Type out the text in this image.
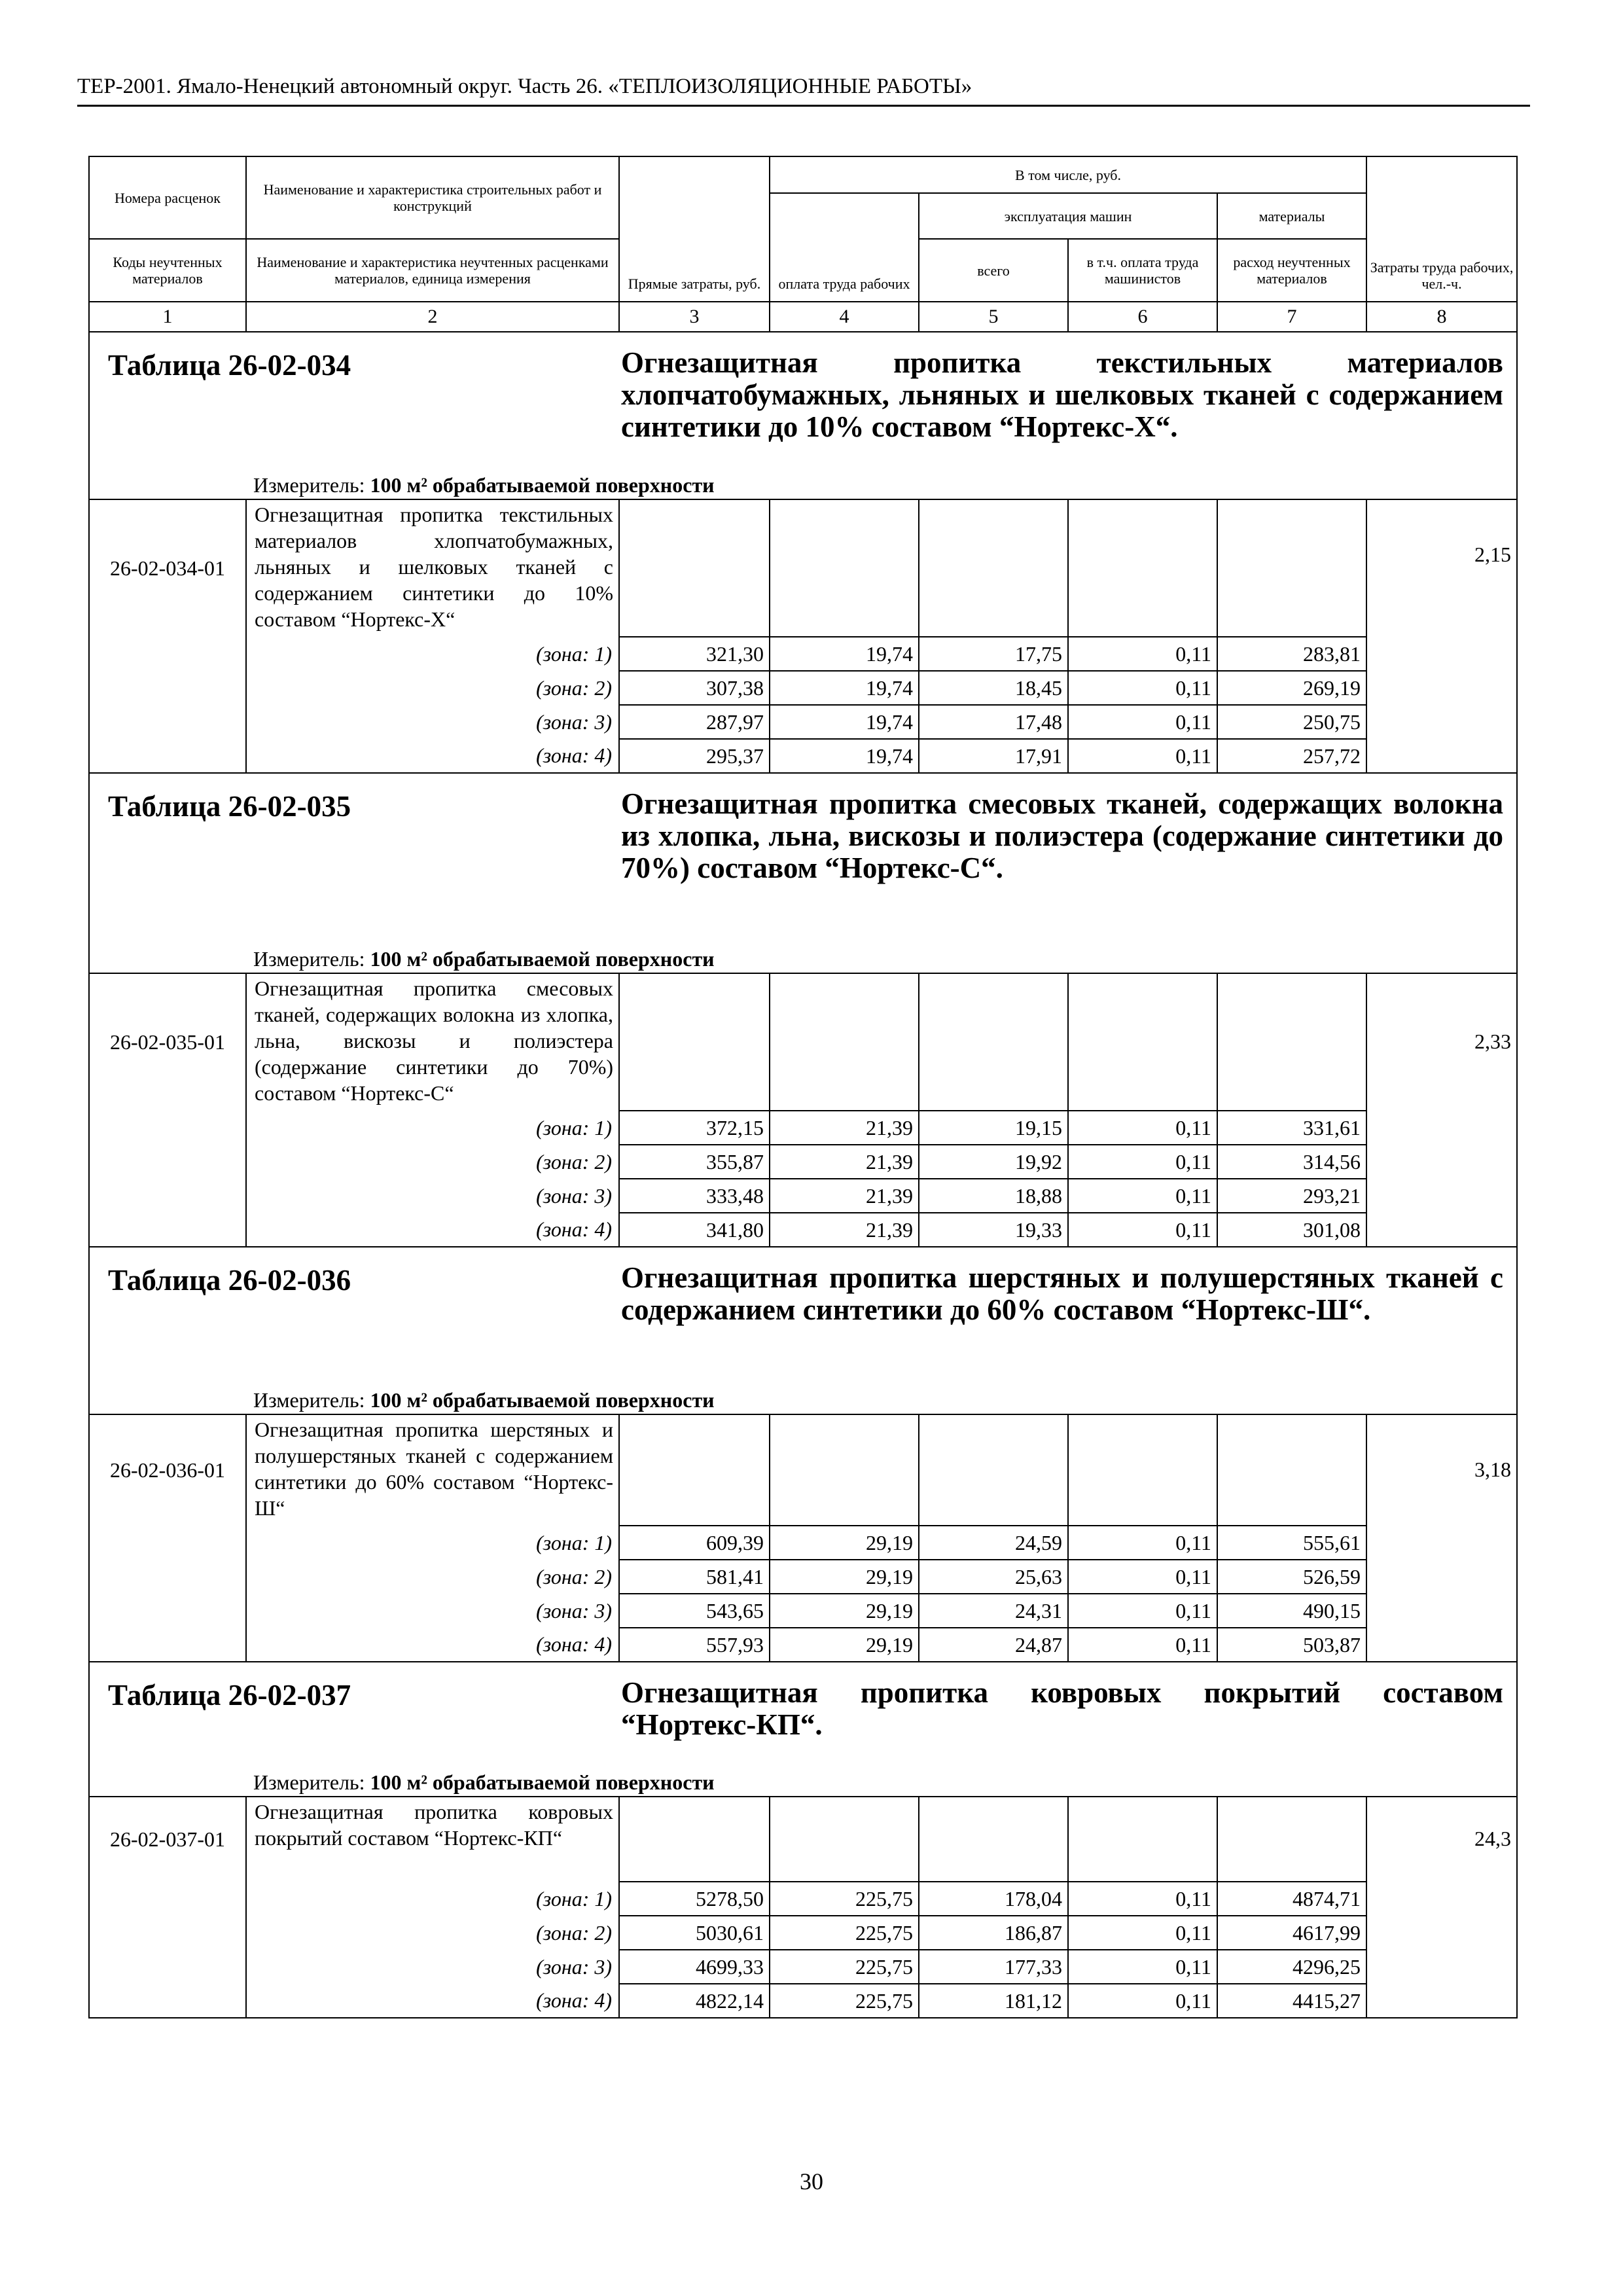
ТЕР-2001. Ямало-Ненецкий автономный округ. Часть 26. «ТЕПЛОИЗОЛЯЦИОННЫЕ РАБОТЫ»
Номера расценок	Наименование и характеристика строительных работ и конструкций	Прямые затраты, руб.	В том числе, руб.				Затраты труда рабочих, чел.-ч.
			оплата труда рабочих	эксплуатация машин		материалы	
Коды неучтенных материалов	Наименование и характеристика неучтенных расценками материалов, единица измерения			всего	в т.ч. оплата труда машинистов	расход неучтенных материалов	
1	2	3	4	5	6	7	8

Таблица 26-02-034 Огнезащитная пропитка текстильных материалов хлопчатобумажных, льняных и шелковых тканей с содержанием синтетики до 10% составом “Нортекс-Х“.
Измеритель: 100 м² обрабатываемой поверхности							

26-02-034-01	Огнезащитная пропитка текстильных материалов хлопчатобумажных, льняных и шелковых тканей с содержанием синтетики до 10% составом “Нортекс-Х“						2,15
	(зона: 1)	321,30	19,74	17,75	0,11	283,81	
	(зона: 2)	307,38	19,74	18,45	0,11	269,19	
	(зона: 3)	287,97	19,74	17,48	0,11	250,75	
	(зона: 4)	295,37	19,74	17,91	0,11	257,72	

Таблица 26-02-035 Огнезащитная пропитка смесовых тканей, содержащих волокна из хлопка, льна, вискозы и полиэстера (содержание синтетики до 70%) составом “Нортекс-С“.
Измеритель: 100 м² обрабатываемой поверхности							

26-02-035-01	Огнезащитная пропитка смесовых тканей, содержащих волокна из хлопка, льна, вискозы и полиэстера (содержание синтетики до 70%) составом “Нортекс-С“						2,33
	(зона: 1)	372,15	21,39	19,15	0,11	331,61	
	(зона: 2)	355,87	21,39	19,92	0,11	314,56	
	(зона: 3)	333,48	21,39	18,88	0,11	293,21	
	(зона: 4)	341,80	21,39	19,33	0,11	301,08	

Таблица 26-02-036 Огнезащитная пропитка шерстяных и полушерстяных тканей с содержанием синтетики до 60% составом “Нортекс-Ш“.
Измеритель: 100 м² обрабатываемой поверхности							

26-02-036-01	Огнезащитная пропитка шерстяных и полушерстяных тканей с содержанием синтетики до 60% составом “Нортекс-Ш“						3,18
	(зона: 1)	609,39	29,19	24,59	0,11	555,61	
	(зона: 2)	581,41	29,19	25,63	0,11	526,59	
	(зона: 3)	543,65	29,19	24,31	0,11	490,15	
	(зона: 4)	557,93	29,19	24,87	0,11	503,87	

Таблица 26-02-037 Огнезащитная пропитка ковровых покрытий составом “Нортекс-КП“.
Измеритель: 100 м² обрабатываемой поверхности							

26-02-037-01	Огнезащитная пропитка ковровых покрытий составом “Нортекс-КП“						24,3
	(зона: 1)	5278,50	225,75	178,04	0,11	4874,71	
	(зона: 2)	5030,61	225,75	186,87	0,11	4617,99	
	(зона: 3)	4699,33	225,75	177,33	0,11	4296,25	
	(зона: 4)	4822,14	225,75	181,12	0,11	4415,27	
30
